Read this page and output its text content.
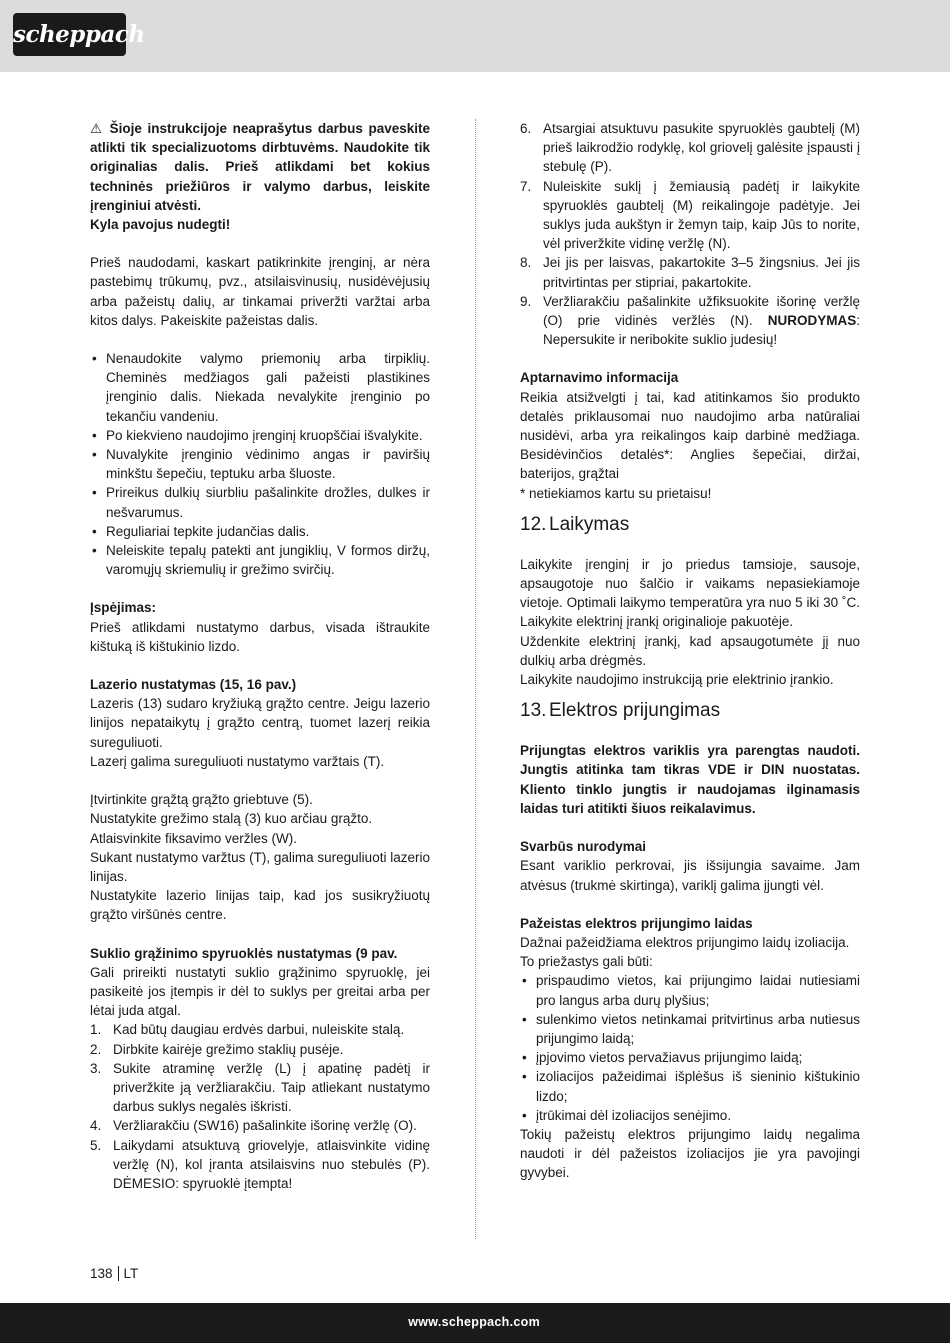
scheppach

⚠ Šioje instrukcijoje neaprašytus darbus paveskite atlikti tik specializuotoms dirbtuvėms. Naudokite tik originalias dalis. Prieš atlikdami bet kokius techninės priežiūros ir valymo darbus, leiskite įrenginiui atvėsti.

Kyla pavojus nudegti!

Prieš naudodami, kaskart patikrinkite įrenginį, ar nėra pastebimų trūkumų, pvz., atsilaisvinusių, nusidėvėjusių arba pažeistų dalių, ar tinkamai priveržti varžtai arba kitos dalys. Pakeiskite pažeistas dalis.

• Nenaudokite valymo priemonių arba tirpiklių. Cheminės medžiagos gali pažeisti plastikines įrenginio dalis. Niekada nevalykite įrenginio po tekančiu vandeniu.
• Po kiekvieno naudojimo įrenginį kruopščiai išvalykite.
• Nuvalykite įrenginio vėdinimo angas ir paviršių minkštu šepečiu, teptuku arba šluoste.
• Prireikus dulkių siurbliu pašalinkite drožles, dulkes ir nešvarumus.
• Reguliariai tepkite judančias dalis.
• Neleiskite tepalų patekti ant jungiklių, V formos diržų, varomųjų skriemulių ir grežimo svirčių.
Įspėjimas:

Prieš atlikdami nustatymo darbus, visada ištraukite kištuką iš kištukinio lizdo.

Lazerio nustatymas (15, 16 pav.)

Lazeris (13) sudaro kryžiuką grąžto centre. Jeigu lazerio linijos nepataikytų į grąžto centrą, tuomet lazerį reikia sureguliuoti.

Lazerį galima sureguliuoti nustatymo varžtais (T).

Įtvirtinkite grąžtą grąžto griebtuve (5).

Nustatykite grežimo stalą (3) kuo arčiau grąžto.

Atlaisvinkite fiksavimo veržles (W).

Sukant nustatymo varžtus (T), galima sureguliuoti lazerio linijas.

Nustatykite lazerio linijas taip, kad jos susikryžiuotų grąžto viršūnės centre.

Suklio grąžinimo spyruoklės nustatymas (9 pav.

Gali prireikti nustatyti suklio grąžinimo spyruoklę, jei pasikeitė jos įtempis ir dėl to suklys per greitai arba per lėtai juda atgal.

1. Kad būtų daugiau erdvės darbui, nuleiskite stalą.
2. Dirbkite kairėje grežimo staklių pusėje.
3. Sukite atraminę veržlę (L) į apatinę padėtį ir priveržkite ją veržliarakčiu. Taip atliekant nustatymo darbus suklys negalės iškristi.
4. Veržliarakčiu (SW16) pašalinkite išorinę veržlę (O).
5. Laikydami atsuktuvą griovelyje, atlaisvinkite vidinę veržlę (N), kol įranta atsilaisvins nuo stebulės (P). DĖMESIO: spyruoklė įtempta!
6. Atsargiai atsuktuvu pasukite spyruoklės gaubtelį (M) prieš laikrodžio rodyklę, kol griovelį galėsite įspausti į stebulę (P).
7. Nuleiskite suklį į žemiausią padėtį ir laikykite spyruoklės gaubtelį (M) reikalingoje padėtyje. Jei suklys juda aukštyn ir žemyn taip, kaip Jūs to norite, vėl priveržkite vidinę veržlę (N).
8. Jei jis per laisvas, pakartokite 3–5 žingsnius. Jei jis pritvirtintas per stipriai, pakartokite.
9. Veržliarakčiu pašalinkite užfiksuokite išorinę veržlę (O) prie vidinės veržlės (N). NURODYMAS: Nepersukite ir neribokite suklio judesių!
Aptarnavimo informacija

Reikia atsižvelgti į tai, kad atitinkamos šio produkto detalės priklausomai nuo naudojimo arba natūraliai nusidėvi, arba yra reikalingos kaip darbinė medžiaga. Besidėvinčios detalės*: Anglies šepečiai, diržai, baterijos, grąžtai

* netiekiamos kartu su prietaisu!

12. Laikymas

Laikykite įrenginį ir jo priedus tamsioje, sausoje, apsaugotoje nuo šalčio ir vaikams nepasiekiamoje vietoje. Optimali laikymo temperatūra yra nuo 5 iki 30 ˚C. Laikykite elektrinį įrankį originalioje pakuotėje.

Uždenkite elektrinį įrankį, kad apsaugotumėte jį nuo dulkių arba drėgmės.

Laikykite naudojimo instrukciją prie elektrinio įrankio.

13. Elektros prijungimas

Prijungtas elektros variklis yra parengtas naudoti. Jungtis atitinka tam tikras VDE ir DIN nuostatas. Kliento tinklo jungtis ir naudojamas ilginamasis laidas turi atitikti šiuos reikalavimus.

Svarbūs nurodymai

Esant variklio perkrovai, jis išsijungia savaime. Jam atvėsus (trukmė skirtinga), variklį galima įjungti vėl.

Pažeistas elektros prijungimo laidas

Dažnai pažeidžiama elektros prijungimo laidų izoliacija.

To priežastys gali būti:

• prispaudimo vietos, kai prijungimo laidai nutiesiami pro langus arba durų plyšius;
• sulenkimo vietos netinkamai pritvirtinus arba nutiesus prijungimo laidą;
• įpjovimo vietos pervažiavus prijungimo laidą;
• izoliacijos pažeidimai išplėšus iš sieninio kištukinio lizdo;
• įtrūkimai dėl izoliacijos senėjimo.

Tokių pažeistų elektros prijungimo laidų negalima naudoti ir dėl pažeistos izoliacijos jie yra pavojingi gyvybei.

138 LT
www.scheppach.com
